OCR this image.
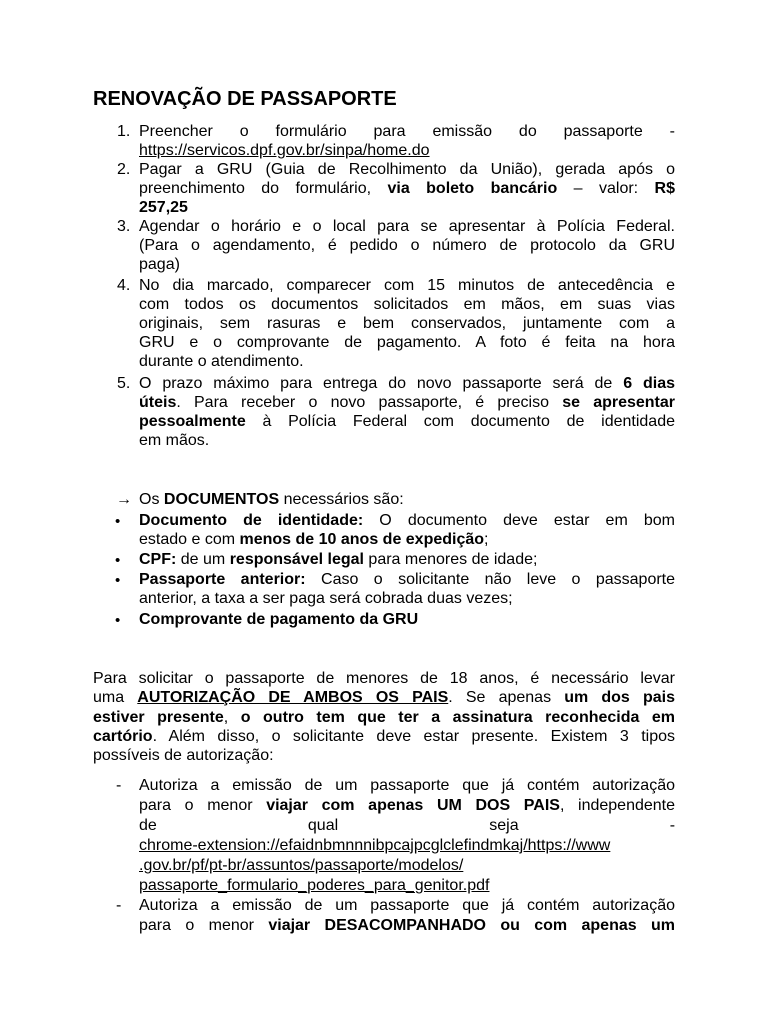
RENOVAÇÃO DE PASSAPORTE
1. Preencher o formulário para emissão do passaporte -
https://servicos.dpf.gov.br/sinpa/home.do
2. Pagar a GRU (Guia de Recolhimento da União), gerada após o
preenchimento do formulário, via boleto bancário – valor: R$
257,25
3. Agendar o horário e o local para se apresentar à Polícia Federal.
(Para o agendamento, é pedido o número de protocolo da GRU
paga)
4. No dia marcado, comparecer com 15 minutos de antecedência e
com todos os documentos solicitados em mãos, em suas vias
originais, sem rasuras e bem conservados, juntamente com a
GRU e o comprovante de pagamento. A foto é feita na hora
durante o atendimento.
5. O prazo máximo para entrega do novo passaporte será de 6 dias
úteis. Para receber o novo passaporte, é preciso se apresentar
pessoalmente à Polícia Federal com documento de identidade
em mãos.
→ Os DOCUMENTOS necessários são:
• Documento de identidade: O documento deve estar em bom
estado e com menos de 10 anos de expedição;
• CPF: de um responsável legal para menores de idade;
• Passaporte anterior: Caso o solicitante não leve o passaporte
anterior, a taxa a ser paga será cobrada duas vezes;
• Comprovante de pagamento da GRU
Para solicitar o passaporte de menores de 18 anos, é necessário levar
uma AUTORIZAÇÃO DE AMBOS OS PAIS. Se apenas um dos pais
estiver presente, o outro tem que ter a assinatura reconhecida em
cartório. Além disso, o solicitante deve estar presente. Existem 3 tipos
possíveis de autorização:
- Autoriza a emissão de um passaporte que já contém autorização
para o menor viajar com apenas UM DOS PAIS, independente
de	qual	seja	-
chrome-extension://efaidnbmnnnibpcajpcglclefindmkaj/https://www
.gov.br/pf/pt-br/assuntos/passaporte/modelos/
passaporte_formulario_poderes_para_genitor.pdf
- Autoriza a emissão de um passaporte que já contém autorização
para o menor viajar DESACOMPANHADO ou com apenas um
